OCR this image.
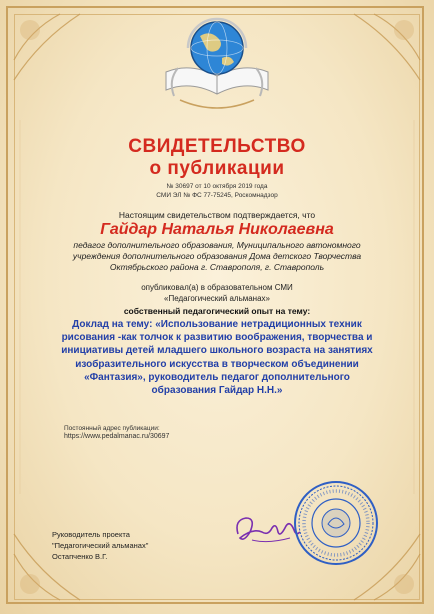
СВИДЕТЕЛЬСТВО
о публикации
№ 30697 от 10 октября 2019 года
СМИ ЭЛ № ФС 77-75245, Роскомнадзор
Настоящим свидетельством подтверждается, что
Гайдар Наталья Николаевна
педагог дополнительного образования, Муниципального автономного учреждения дополнительного образования Дома детского Творчества Октябрьского района г. Ставрополя, г. Ставрополь
опубликовал(а) в образовательном СМИ
«Педагогический альманах»
собственный педагогический опыт на тему:
Доклад на тему: «Использование нетрадиционных техник рисования -как толчок к развитию воображения, творчества и инициативы детей младшего школьного возраста на занятиях изобразительного искусства в творческом объединении «Фантазия», руководитель педагог дополнительного образования Гайдар Н.Н.»
Постоянный адрес публикации:
https://www.pedalmanac.ru/30697
Руководитель проекта
"Педагогический альманах"
Остапченко В.Г.
